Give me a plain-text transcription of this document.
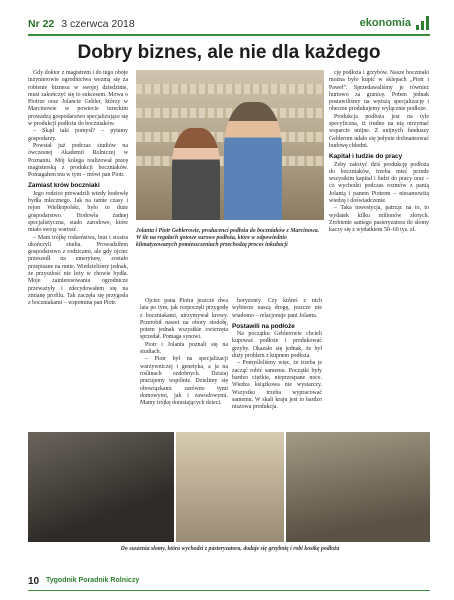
Nr 22 3 czerwca 2018	ekonomia
Dobry biznes, ale nie dla każdego

Gdy doktor z magistrem i do tego oboje inżynierowie ogrodnictwa wezmą się za robienie biznesu w swojej dziedzinie, musi zakończyć się to sukcesem. Mowa o Piotrze oraz Jolancie Gebler, którzy w Marcinowie w powiecie tureckim prowadzą gospodarstwo specjalizujące się w produkcji podłoża do boczniaków.

– Skąd taki pomysł? – pytamy gospodarzy.

Powstał już podczas studiów na ówczesnej Akademii Rolniczej w Poznaniu. Mój kolega realizował pracę magisterską z produkcji boczniaków. Pomagałem mu w tym – mówi pan Piotr.

Zamiast krów boczniaki

Jego rodzice prowadzili wtedy hodowlę bydła mlecznego. Jak na tamte czasy i rejon Wielkopolski, było to duże gospodarstwo. Hodowla żadnej specjalistyczna, stado zarodowe, które miało swoją wartość.

– Mam trójkę rodzeństwa, brat i siostra ukończyli studia. Prowadziłem gospodarstwo z rodzicami, ale gdy ojciec przeszedł na emeryturę, zostało przepisane na mnie. Wiedzieliśmy jednak, że przyszłość nie leży w chowie bydła. Moje zainteresowania ogrodnicze przeważyły i zdecydowałem się na zmianę profilu. Tak zaczęła się przygoda z boczniakami – wspomina pan Piotr.

Jolanta i Piotr Geblerowie, producenci podłoża do boczniaków z Marcinowa. W tle na regałach gotowe surowe podłoża, które w odpowiednio klimatyzowanych pomieszczeniach przechodzą proces inkubacji

Ojciec pana Piotra jeszcze dwa lata po tym, jak rozpoczęli przygodę z boczniakami, utrzymywał krowy. Przerobił nawet na obory stodołę, potem jednak wszystkie zwierzęta sprzedał. Pomaga synowi.

Piotr i Jolanta poznali się na studiach.

– Piotr był na specjalizacji warzywniczej i genetyka, a ja na roślinach ozdobnych. Dzisiaj pracujemy wspólnie. Dzielimy się obowiązkami zarówno tymi domowymi, jak i zawodowymi. Mamy trójkę dorastających dzieci.

horyzonty. Czy któreś z nich wybierze naszą drogę, jeszcze nie wiadomo – relacjonuje pani Jolanta.

Postawili na podłoże

Na początku Geblerowie chcieli kupować podłoże i produkować grzyby. Okazało się jednak, że był duży problem z kupnem podłoża.

– Pomyśleliśmy więc, że trzeba je zacząć robić samemu. Początki były bardzo ciężkie, nieprzespane noce. Wiedza książkowa nie wystarczy. Wszystko trzeba wypracować samemu. W skali kraju jest to bardzo niszowa produkcja.

cję podłoża i grzybów. Nasze boczniaki można było kupić w sklepach „Piotr i Paweł”. Sprzedawaliśmy je również hurtowo za granicę. Potem jednak postawiliśmy na węższą specjalizację i obecnie produkujemy wyłącznie podłoże.

Produkcja podłoża jest na tyle specyficzna, iż trudno na nią otrzymać wsparcie unijne. Z unijnych funduszy Geblerom udało się jedynie dofinansować budowę chłodni.

Kapitał i ludzie do pracy

Żeby założyć dziś produkcję podłoża do boczniaków, trzeba mieć przede wszystkim kapitał i ludzi do pracy oraz – co wychodzi podczas rozmów z panią Jolantą i panem Piotrem – niesamowitą wiedzę i doświadczenie.

– Taka inwestycja, patrząc na to, to wydatek kilku milionów złotych. Zrobienie samego pasteryzatora do słomy kaczy się z wydatkiem 50–60 tys. zł.

Do suszenia słomy, która wychodzi z pasteryzatora, dodaje się grzybnię i robi kostkę podłoża
10 Tygodnik Poradnik Rolniczy
